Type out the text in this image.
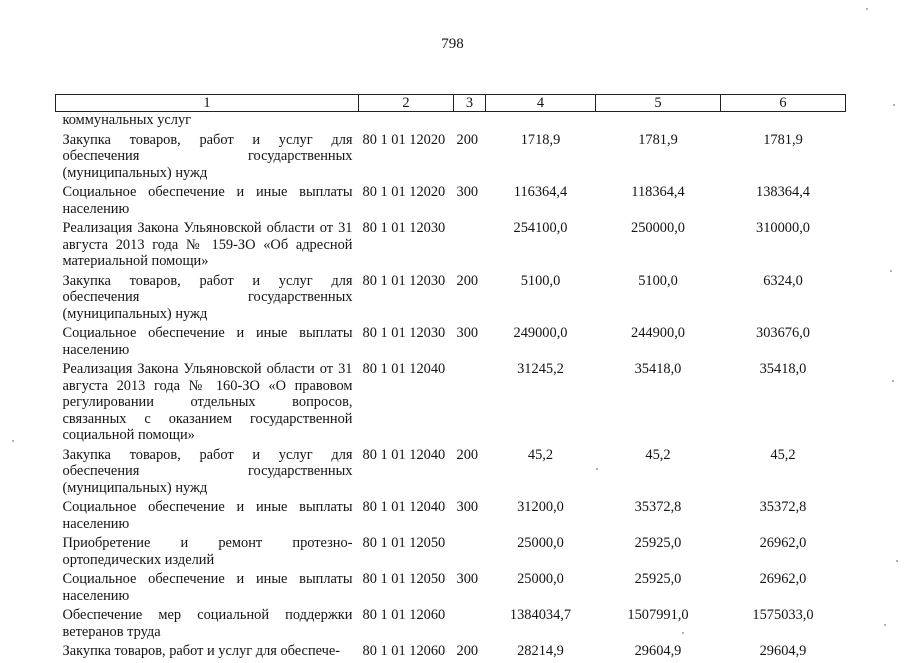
798
1	2	3	4	5	6
коммунальных услуг					
Закупка товаров, работ и услуг для обеспечения государственных (муниципальных) нужд	80 1 01 12020	200	1718,9	1781,9	1781,9
Социальное обеспечение и иные выплаты населению	80 1 01 12020	300	116364,4	118364,4	138364,4
Реализация Закона Ульяновской области от 31 августа 2013 года № 159-ЗО «Об адресной материальной помощи»	80 1 01 12030		254100,0	250000,0	310000,0
Закупка товаров, работ и услуг для обеспечения государственных (муниципальных) нужд	80 1 01 12030	200	5100,0	5100,0	6324,0
Социальное обеспечение и иные выплаты населению	80 1 01 12030	300	249000,0	244900,0	303676,0
Реализация Закона Ульяновской области от 31 августа 2013 года № 160-ЗО «О правовом регулировании отдельных вопросов, связанных с оказанием государственной социальной помощи»	80 1 01 12040		31245,2	35418,0	35418,0
Закупка товаров, работ и услуг для обеспечения государственных (муниципальных) нужд	80 1 01 12040	200	45,2	45,2	45,2
Социальное обеспечение и иные выплаты населению	80 1 01 12040	300	31200,0	35372,8	35372,8
Приобретение и ремонт протезно-ортопедических изделий	80 1 01 12050		25000,0	25925,0	26962,0
Социальное обеспечение и иные выплаты населению	80 1 01 12050	300	25000,0	25925,0	26962,0
Обеспечение мер социальной поддержки ветеранов труда	80 1 01 12060		1384034,7	1507991,0	1575033,0
Закупка товаров, работ и услуг для обеспече-	80 1 01 12060	200	28214,9	29604,9	29604,9
